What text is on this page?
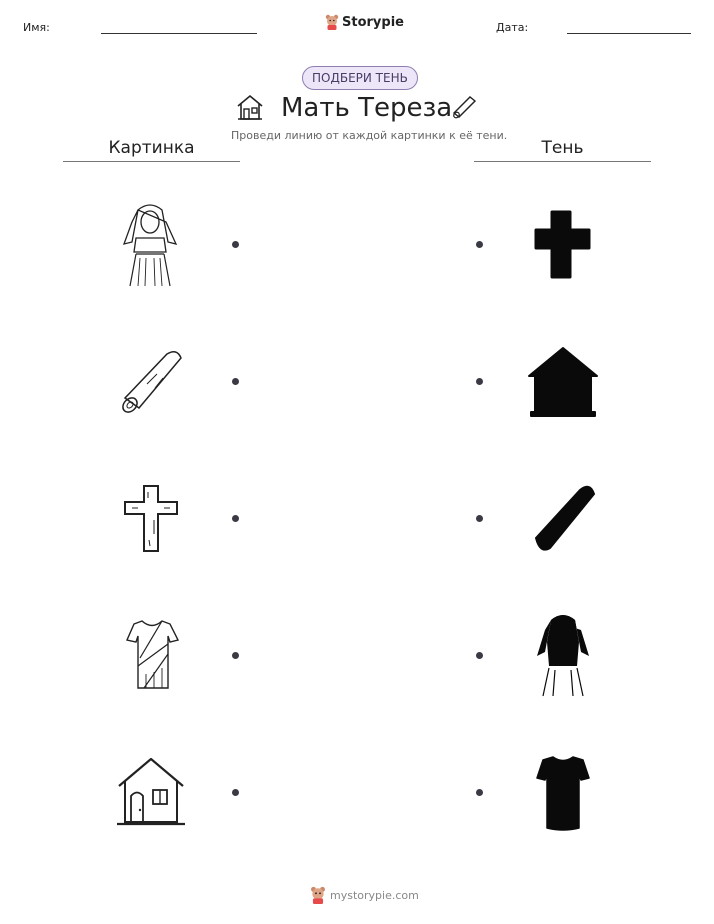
Имя:	Storypie	Дата:
ПОДБЕРИ ТЕНЬ
Мать Тереза
Проведи линию от каждой картинки к её тени.
Картинка	Тень
mystorypie.com
